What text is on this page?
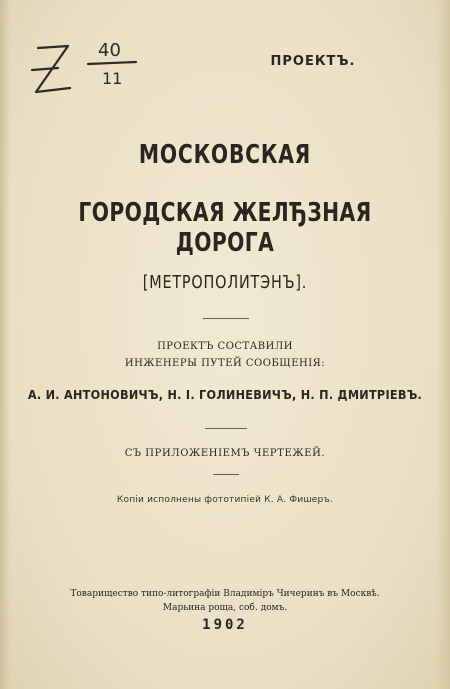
40
11
ПРОЕКТЪ.
МОСКОВСКАЯ
ГОРОДСКАЯ ЖЕЛЂЗНАЯ ДОРОГА
[МЕТРОПОЛИТЭНЪ].
ПРОЕКТЪ СОСТАВИЛИ
ИНЖЕНЕРЫ ПУТЕЙ СООБЩЕНІЯ:
А. И. АНТОНОВИЧЪ, Н. І. ГОЛИНЕВИЧЪ, Н. П. ДМИТРІЕВЪ.
СЪ ПРИЛОЖЕНІЕМЪ ЧЕРТЕЖЕЙ.
Копіи исполнены фототипіей К. А. Фишеръ.
Товарищество типо-литографіи Владиміръ Чичеринъ въ Москвѣ.
Марьина роща, соб. домъ.
1902
